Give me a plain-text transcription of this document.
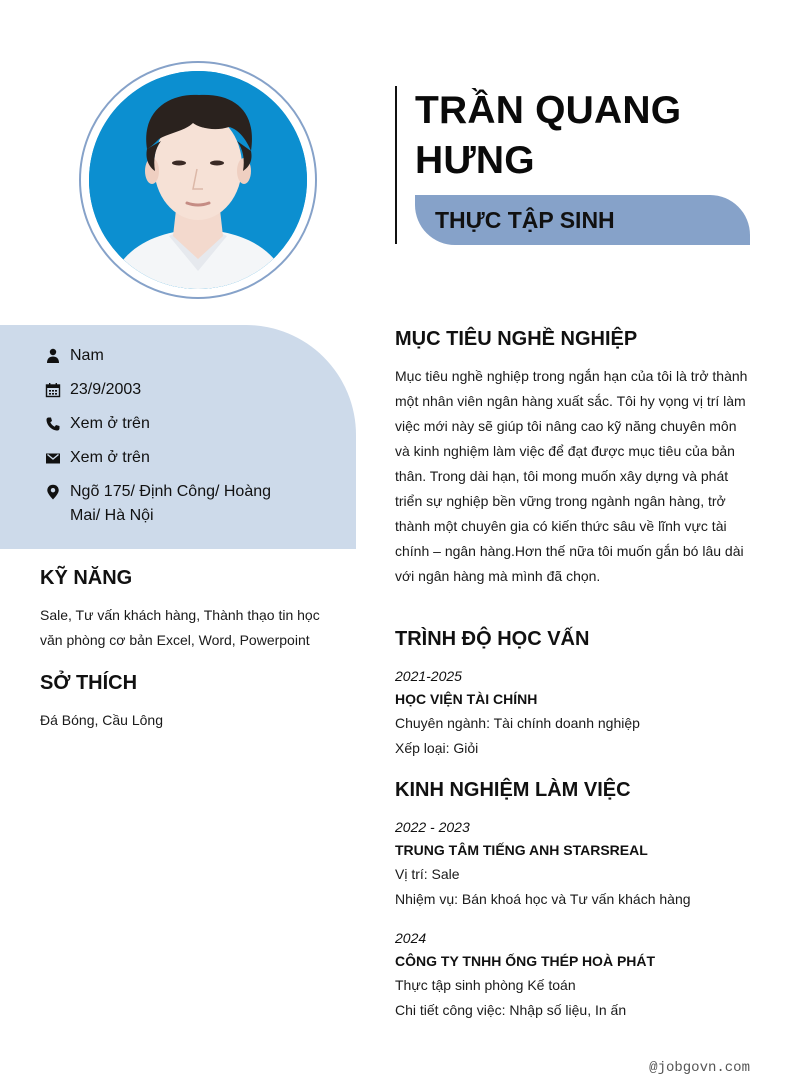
TRẦN QUANG HƯNG
THỰC TẬP SINH
Nam
23/9/2003
Xem ở trên
Xem ở trên
Ngõ 175/ Định Công/ Hoàng Mai/ Hà Nội
KỸ NĂNG
Sale, Tư vấn khách hàng, Thành thạo tin học văn phòng cơ bản Excel, Word, Powerpoint
SỞ THÍCH
Đá Bóng, Cầu Lông
MỤC TIÊU NGHỀ NGHIỆP
Mục tiêu nghề nghiệp trong ngắn hạn của tôi là trở thành một nhân viên ngân hàng xuất sắc. Tôi hy vọng vị trí làm việc mới này sẽ giúp tôi nâng cao kỹ năng chuyên môn và kinh nghiệm làm việc để đạt được mục tiêu của bản thân. Trong dài hạn, tôi mong muốn xây dựng và phát triển sự nghiệp bền vững trong ngành ngân hàng, trở thành một chuyên gia có kiến thức sâu về lĩnh vực tài chính – ngân hàng.Hơn thế nữa tôi muốn gắn bó lâu dài với ngân hàng mà mình đã chọn.
TRÌNH ĐỘ HỌC VẤN
2021-2025
HỌC VIỆN TÀI CHÍNH
Chuyên ngành: Tài chính doanh nghiệp
Xếp loại: Giỏi
KINH NGHIỆM LÀM VIỆC
2022 - 2023
TRUNG TÂM TIẾNG ANH STARSREAL
Vị trí: Sale
Nhiệm vụ: Bán khoá học và Tư vấn khách hàng
2024
CÔNG TY TNHH ỐNG THÉP HOÀ PHÁT
Thực tập sinh phòng Kế toán
Chi tiết công việc: Nhập số liệu, In ấn
@jobgovn.com
